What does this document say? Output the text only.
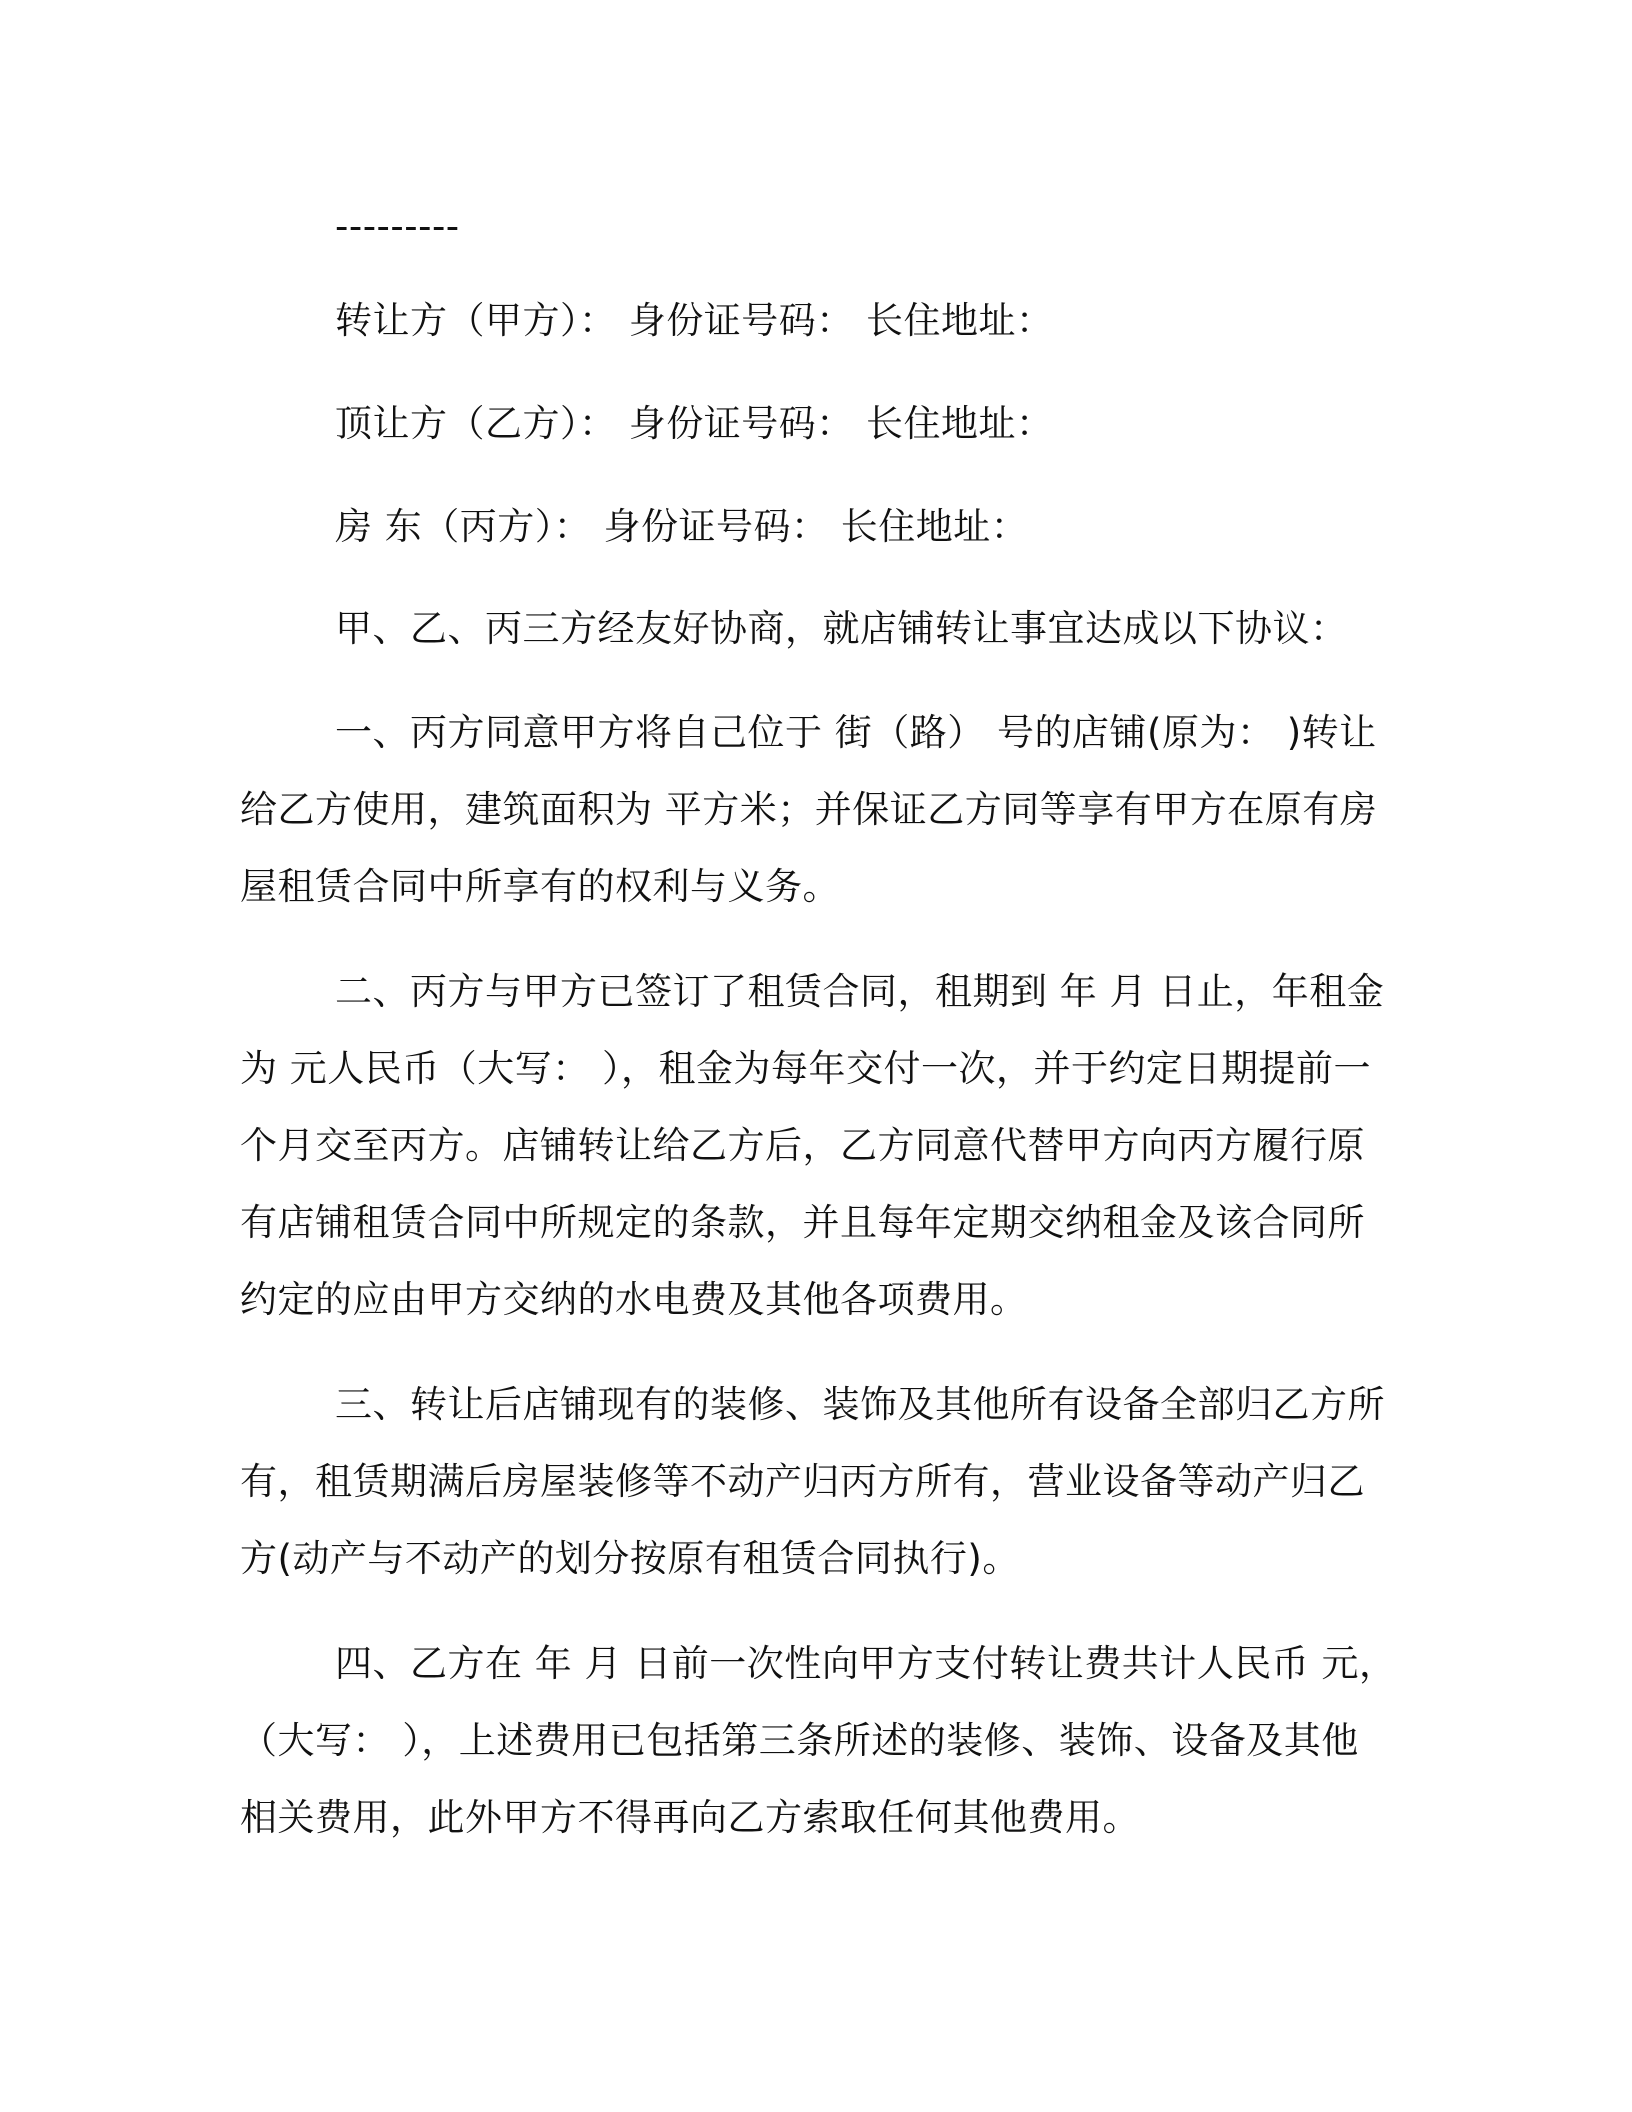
---------
转让方（甲方）： 身份证号码： 长住地址：
顶让方（乙方）： 身份证号码： 长住地址：
房 东（丙方）： 身份证号码： 长住地址：
甲、乙、丙三方经友好协商，就店铺转让事宜达成以下协议：
一、丙方同意甲方将自己位于 街（路） 号的店铺(原为： )转让
给乙方使用，建筑面积为 平方米；并保证乙方同等享有甲方在原有房
屋租赁合同中所享有的权利与义务。
二、丙方与甲方已签订了租赁合同，租期到 年 月 日止，年租金
为 元人民币（大写： ），租金为每年交付一次，并于约定日期提前一
个月交至丙方。店铺转让给乙方后，乙方同意代替甲方向丙方履行原
有店铺租赁合同中所规定的条款，并且每年定期交纳租金及该合同所
约定的应由甲方交纳的水电费及其他各项费用。
三、转让后店铺现有的装修、装饰及其他所有设备全部归乙方所
有，租赁期满后房屋装修等不动产归丙方所有，营业设备等动产归乙
方(动产与不动产的划分按原有租赁合同执行)。
四、乙方在 年 月 日前一次性向甲方支付转让费共计人民币 元，
（大写： ），上述费用已包括第三条所述的装修、装饰、设备及其他
相关费用，此外甲方不得再向乙方索取任何其他费用。
